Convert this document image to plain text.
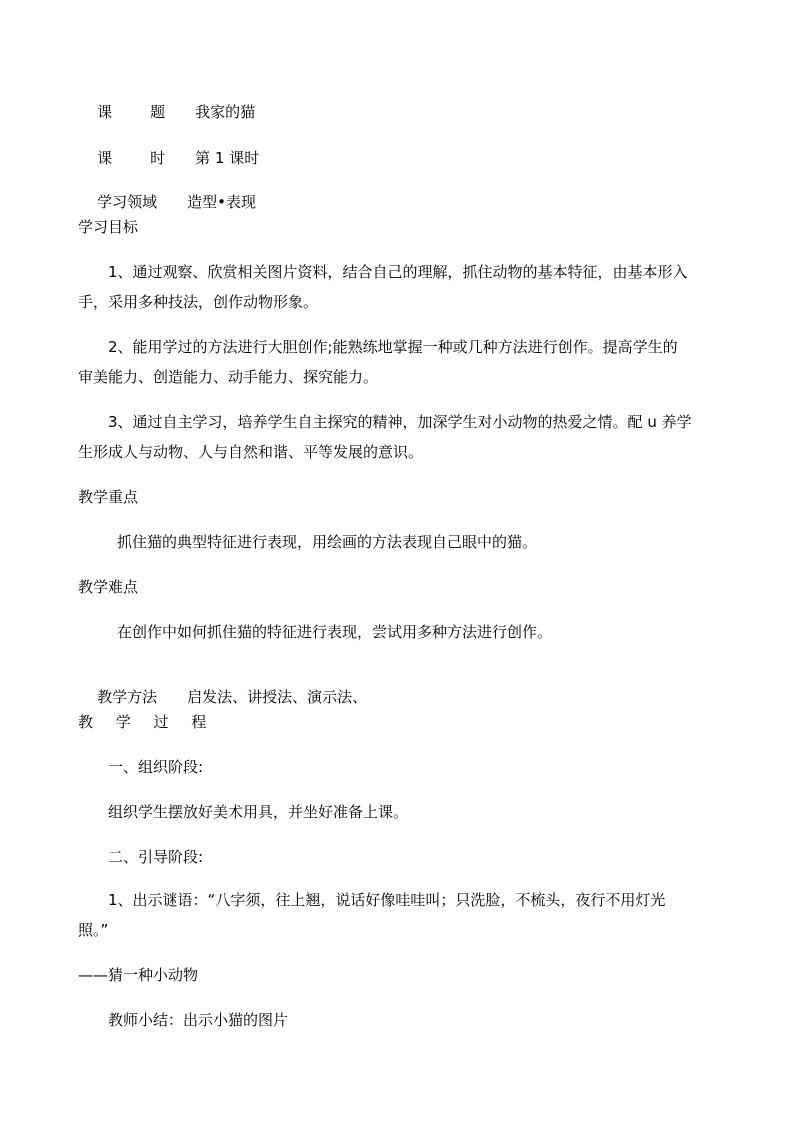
课	题 我家的猫

课	时 第 1 课时

学习领域 造型•表现

学习目标
1、通过观察、欣赏相关图片资料，结合自己的理解，抓住动物的基本特征，由基本形入
手，采用多种技法，创作动物形象。
2、能用学过的方法进行大胆创作;能熟练地掌握一种或几种方法进行创作。提高学生的
审美能力、创造能力、动手能力、探究能力。
3、通过自主学习，培养学生自主探究的精神，加深学生对小动物的热爱之情。配 u 养学
生形成人与动物、人与自然和谐、平等发展的意识。
教学重点
抓住猫的典型特征进行表现，用绘画的方法表现自己眼中的猫。
教学难点
在创作中如何抓住猫的特征进行表现，尝试用多种方法进行创作。

教学方法 启发法、讲授法、演示法、

教 学 过 程
一、组织阶段:
组织学生摆放好美术用具，并坐好准备上课。
二、引导阶段:
1、出示谜语：“八字须，往上翘，说话好像哇哇叫；只洗脸，不梳头，夜行不用灯光
照。”
——猜一种小动物
教师小结：出示小猫的图片
